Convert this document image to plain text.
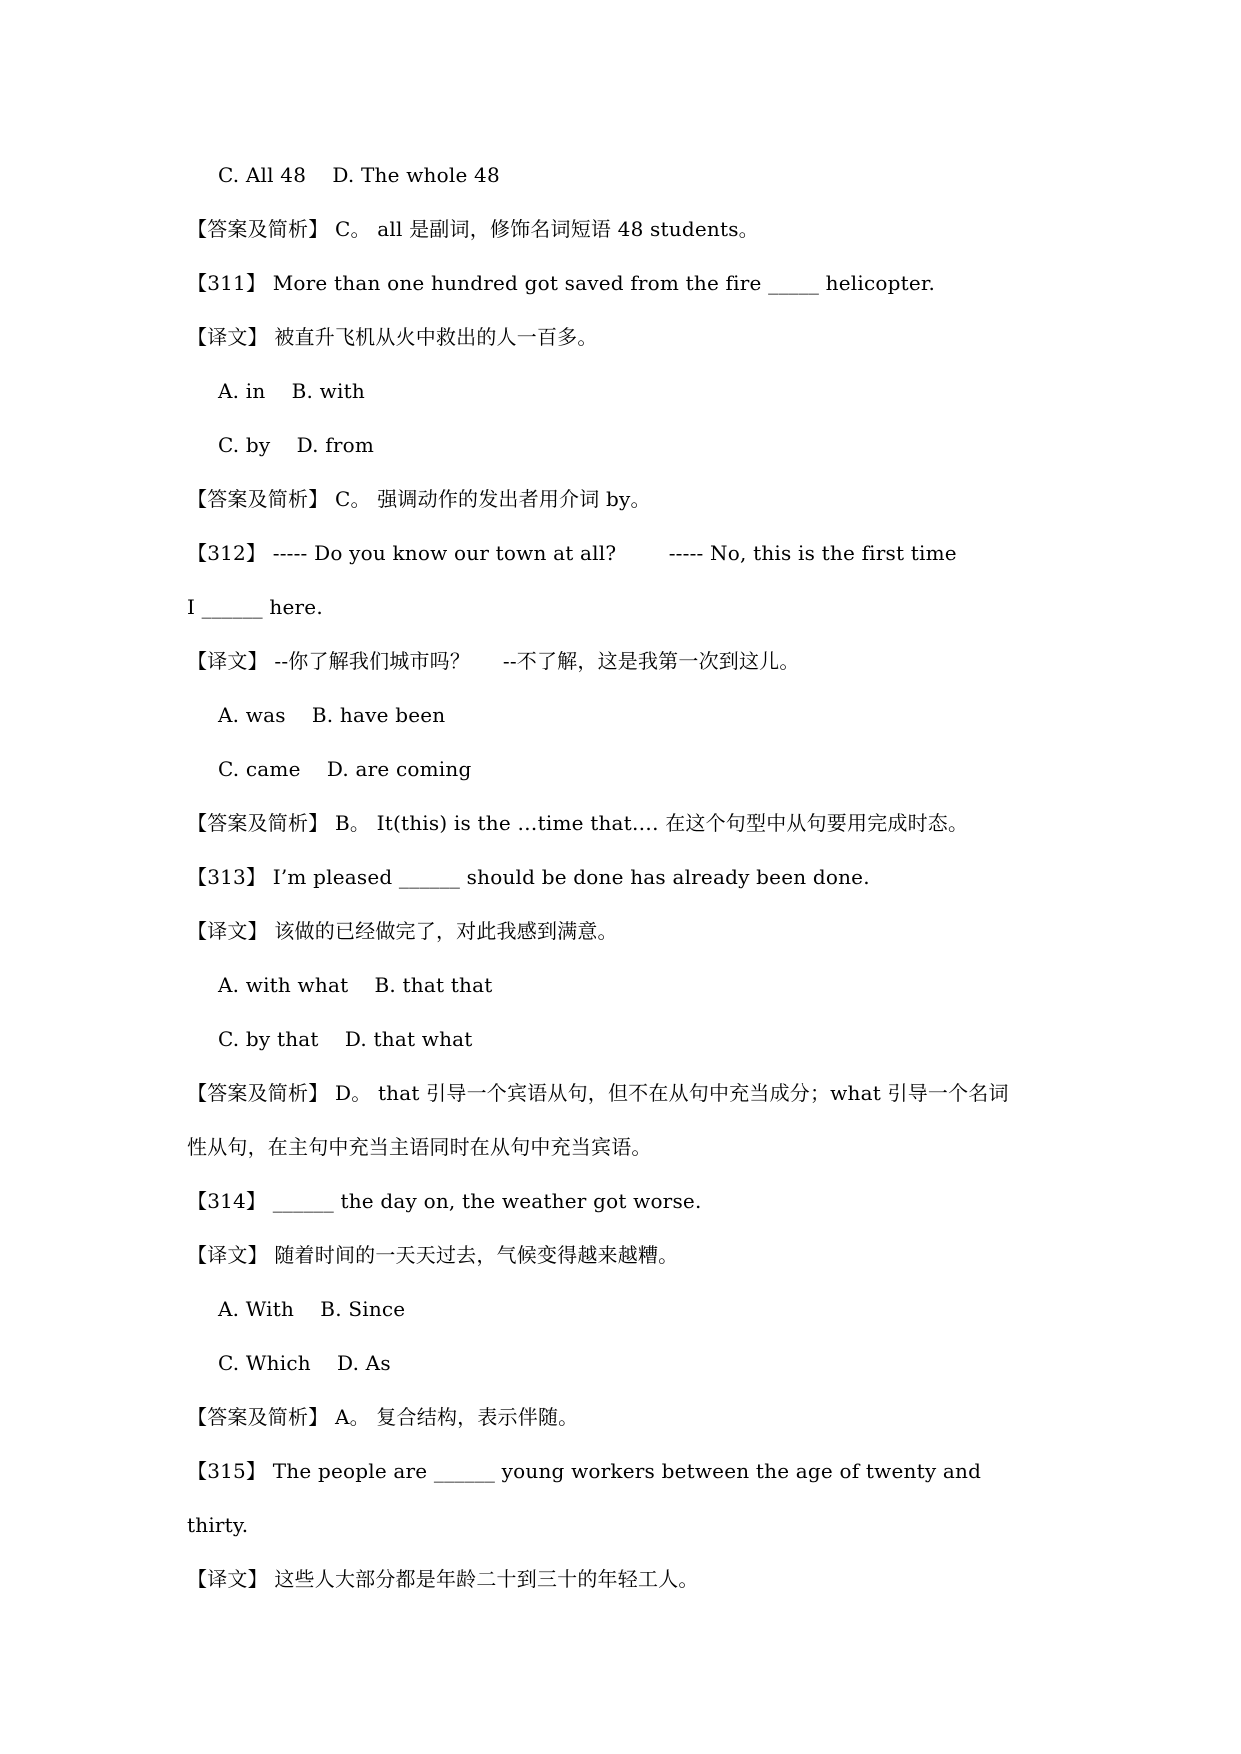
C. All 48    D. The whole 48
【答案及简析】 C。 all 是副词，修饰名词短语 48 students。
【311】 More than one hundred got saved from the fire _____ helicopter.
【译文】 被直升飞机从火中救出的人一百多。
A. in    B. with
C. by    D. from
【答案及简析】 C。 强调动作的发出者用介词 by。
【312】 ----- Do you know our town at all?        ----- No, this is the first time
I ______ here.
【译文】 --你了解我们城市吗？     --不了解，这是我第一次到这儿。
A. was    B. have been
C. came    D. are coming
【答案及简析】 B。 It(this) is the …time that…. 在这个句型中从句要用完成时态。
【313】 I’m pleased ______ should be done has already been done.
【译文】 该做的已经做完了，对此我感到满意。
A. with what    B. that that
C. by that    D. that what
【答案及简析】 D。 that 引导一个宾语从句，但不在从句中充当成分；what 引导一个名词
性从句，在主句中充当主语同时在从句中充当宾语。
【314】 ______ the day on, the weather got worse.
【译文】 随着时间的一天天过去，气候变得越来越糟。
A. With    B. Since
C. Which    D. As
【答案及简析】 A。 复合结构，表示伴随。
【315】 The people are ______ young workers between the age of twenty and
thirty.
【译文】 这些人大部分都是年龄二十到三十的年轻工人。
